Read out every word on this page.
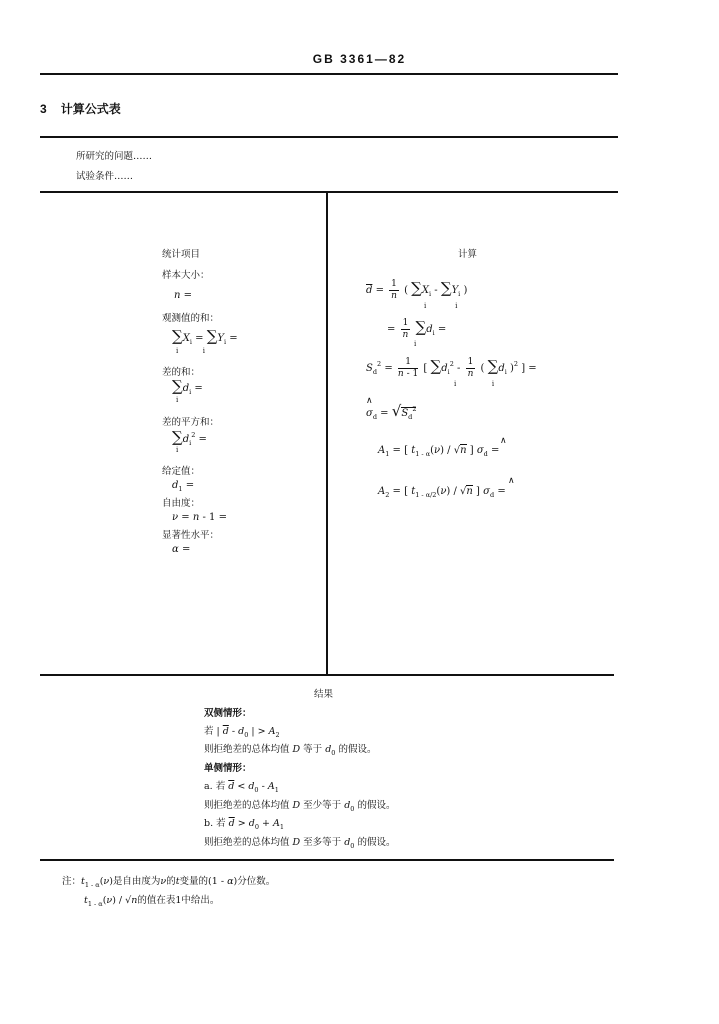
GB 3361—82
3 计算公式表
所研究的问题……
试验条件……
统计项目
样本大小：
n =
观测值的和：
$\sum X_i = \sum Y_i$ =
i           i
差的和：
$\sum d_i$ =
i
差的平方和：
$\sum d_i^2$ =
i
给定值：
$d_1$ =
自由度：
ν = n - 1 =
显著性水平：
α =
计算
$\overline{d} = \frac{1}{n}$ ( $\sum X_i - \sum Y_i$ )
i             i
= $\frac{1}{n} \sum d_i$ =
i
$S_d^2 = \frac{1}{n - 1}$ [ $\sum d_i^2 - \frac{1}{n}$ ( $\sum d_i$ )$^2$ ] =
i                i
∧
$\sigma_d = √S_d^2$
∧
$A_1$ = [ $t_{1 - \alpha}(\nu) / √n$ ] $\sigma_d$ =
∧
$A_2$ = [ $t_{1 - \alpha/2}(\nu) / √n$ ] $\sigma_d$ =
结果
双侧情形：
若 | $\overline{d} - d_0$ | > $A_2$
则拒绝差的总体均值 D 等于 $d_0$ 的假设。
单侧情形：
a. 若 $\overline{d} < d_0 - A_1$
则拒绝差的总体均值 D 至少等于 $d_0$ 的假设。
b. 若 $\overline{d} > d_0 + A_1$
则拒绝差的总体均值 D 至多等于 $d_0$ 的假设。
注：$t_{1 - \alpha}(\nu)$是自由度为ν的t变量的(1 - α)分位数。
$t_{1 - \alpha}(\nu) / √n$的值在表1中给出。
